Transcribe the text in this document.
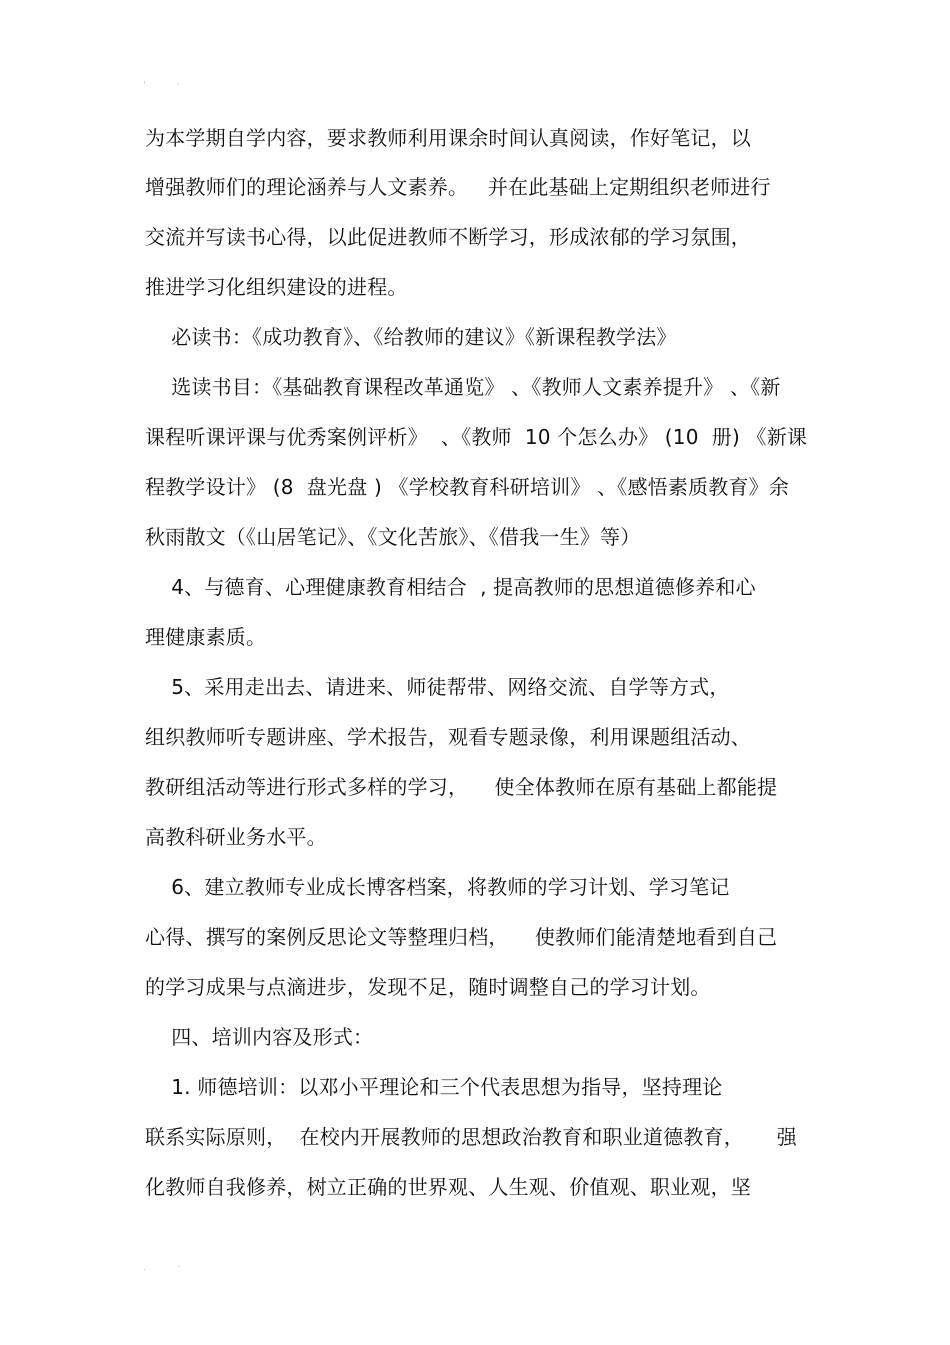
' ·
为本学期自学内容，要求教师利用课余时间认真阅读，作好笔记，以
增强教师们的理论涵养与人文素养。   并在此基础上定期组织老师进行
交流并写读书心得，以此促进教师不断学习，形成浓郁的学习氛围，
推进学习化组织建设的进程。
必读书：《成功教育》、《给教师的建议》《新课程教学法》
选读书目：《基础教育课程改革通览》 、《教师人文素养提升》 、《新
课程听课评课与优秀案例评析》  、《教师  10 个怎么办》 (10  册) 《新课
程教学设计》 (8  盘光盘 ) 《学校教育科研培训》 、《感悟素质教育》余
秋雨散文（《山居笔记》、《文化苦旅》、《借我一生》等）
4、与德育、心理健康教育相结合  , 提高教师的思想道德修养和心
理健康素质。
5、采用走出去、请进来、师徒帮带、网络交流、自学等方式，
组织教师听专题讲座、学术报告，观看专题录像，利用课题组活动、
教研组活动等进行形式多样的学习，    使全体教师在原有基础上都能提
高教科研业务水平。
6、建立教师专业成长博客档案，将教师的学习计划、学习笔记
心得、撰写的案例反思论文等整理归档，    使教师们能清楚地看到自己
的学习成果与点滴进步，发现不足，随时调整自己的学习计划。
四、培训内容及形式：
1. 师德培训：以邓小平理论和三个代表思想为指导，坚持理论
联系实际原则，  在校内开展教师的思想政治教育和职业道德教育，     强
化教师自我修养，树立正确的世界观、人生观、价值观、职业观，坚
. ·
